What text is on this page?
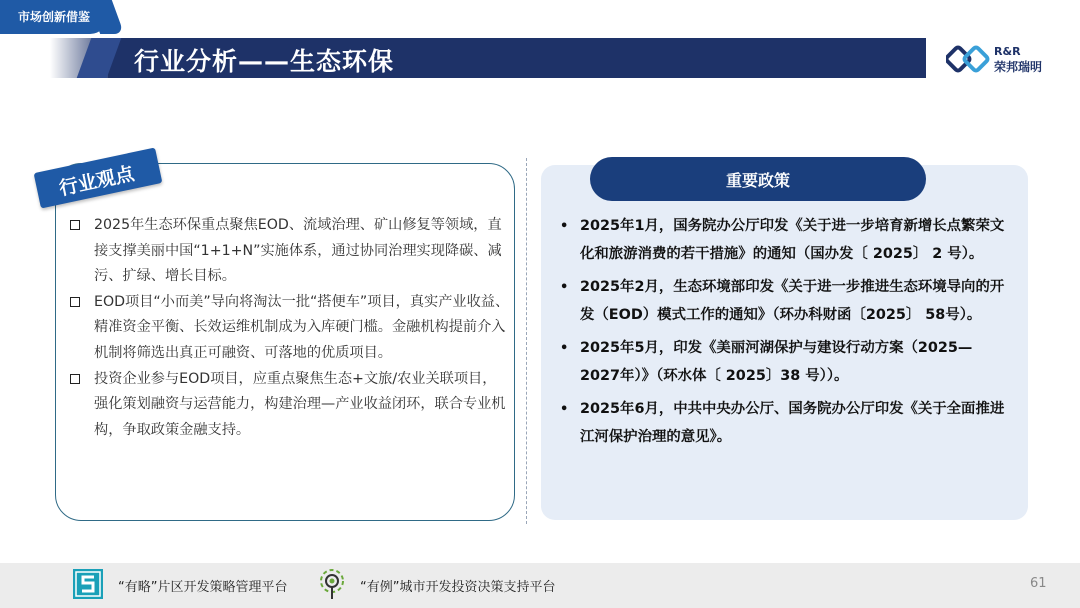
市场创新借鉴
行业分析——生态环保	R&R
荣邦瑞明
行业观点
2025年生态环保重点聚焦EOD、流域治理、矿山修复等领域，直接支撑美丽中国“1+1+N”实施体系，通过协同治理实现降碳、减污、扩绿、增长目标。
EOD项目“小而美”导向将淘汰一批“搭便车”项目，真实产业收益、精准资金平衡、长效运维机制成为入库硬门槛。金融机构提前介入机制将筛选出真正可融资、可落地的优质项目。
投资企业参与EOD项目，应重点聚焦生态+文旅/农业关联项目，强化策划融资与运营能力，构建治理—产业收益闭环，联合专业机构，争取政策金融支持。
重要政策
• 2025年1月，国务院办公厅印发《关于进一步培育新增长点繁荣文化和旅游消费的若干措施》的通知（国办发〔 2025〕 2 号）。
• 2025年2月，生态环境部印发《关于进一步推进生态环境导向的开发（EOD）模式工作的通知》（环办科财函〔2025〕 58号）。
• 2025年5月，印发《美丽河湖保护与建设行动方案（2025—2027年）》（环水体〔 2025〕38 号））。
• 2025年6月，中共中央办公厅、国务院办公厅印发《关于全面推进江河保护治理的意见》。
“有略”片区开发策略管理平台	“有例”城市开发投资决策支持平台	61
